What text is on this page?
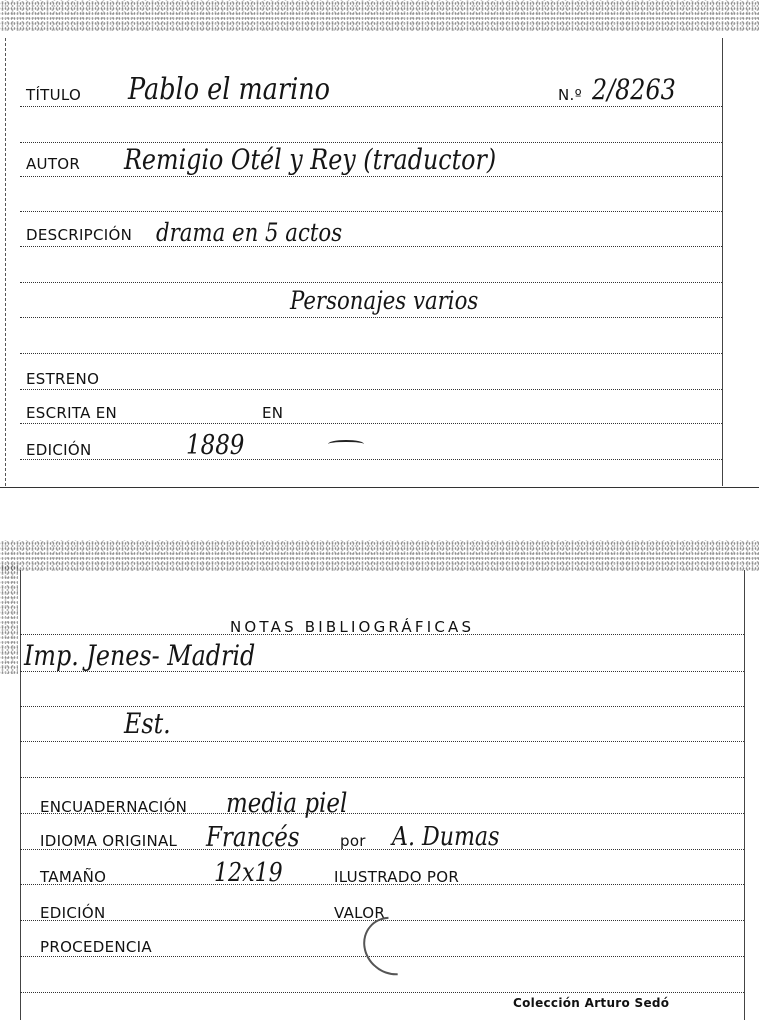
TÍTULO Pablo el marino	N.º 2/8263
AUTOR Remigio Otél y Rey (traductor)
DESCRIPCIÓN drama en 5 actos
Personajes varios
ESTRENO
ESCRITA EN	EN
EDICIÓN	1889
NOTAS BIBLIOGRÁFICAS
Imp. Jenes- Madrid
Est.
ENCUADERNACIÓN media piel
IDIOMA ORIGINAL Francés	por A. Dumas
TAMAÑO	12x19	ILUSTRADO POR
EDICIÓN	VALOR
PROCEDENCIA
Colección Arturo Sedó
